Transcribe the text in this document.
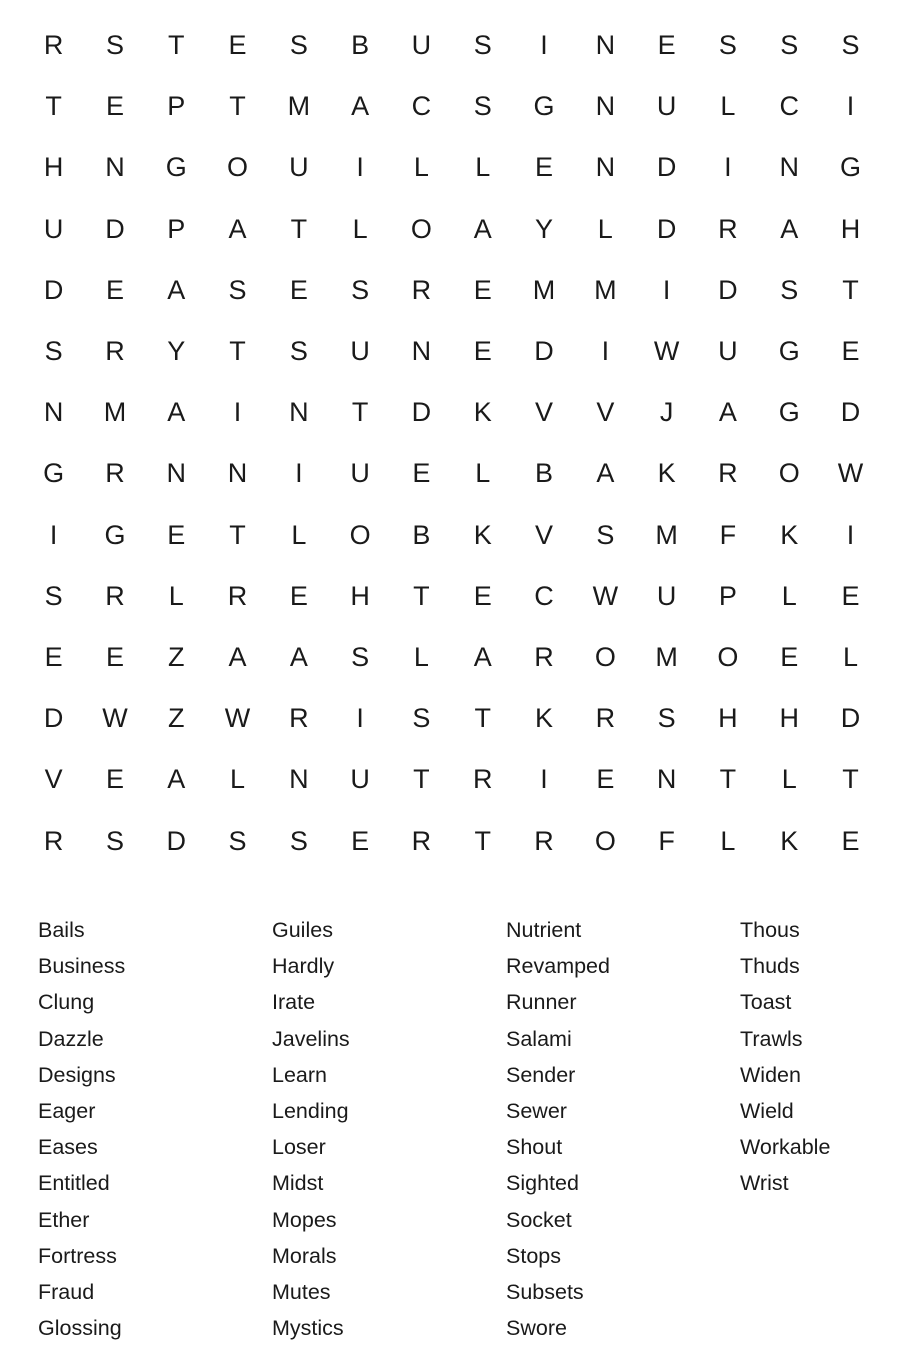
R	S	T	E	S	B	U	S	I	N	E	S	S	S
T	E	P	T	M	A	C	S	G	N	U	L	C	I
H	N	G	O	U	I	L	L	E	N	D	I	N	G
U	D	P	A	T	L	O	A	Y	L	D	R	A	H
D	E	A	S	E	S	R	E	M	M	I	D	S	T
S	R	Y	T	S	U	N	E	D	I	W	U	G	E
N	M	A	I	N	T	D	K	V	V	J	A	G	D
G	R	N	N	I	U	E	L	B	A	K	R	O	W
I	G	E	T	L	O	B	K	V	S	M	F	K	I
S	R	L	R	E	H	T	E	C	W	U	P	L	E
E	E	Z	A	A	S	L	A	R	O	M	O	E	L
D	W	Z	W	R	I	S	T	K	R	S	H	H	D
V	E	A	L	N	U	T	R	I	E	N	T	L	T
R	S	D	S	S	E	R	T	R	O	F	L	K	E
Bails
Business
Clung
Dazzle
Designs
Eager
Eases
Entitled
Ether
Fortress
Fraud
Glossing
Guiles
Hardly
Irate
Javelins
Learn
Lending
Loser
Midst
Mopes
Morals
Mutes
Mystics
Nutrient
Revamped
Runner
Salami
Sender
Sewer
Shout
Sighted
Socket
Stops
Subsets
Swore
Thous
Thuds
Toast
Trawls
Widen
Wield
Workable
Wrist
